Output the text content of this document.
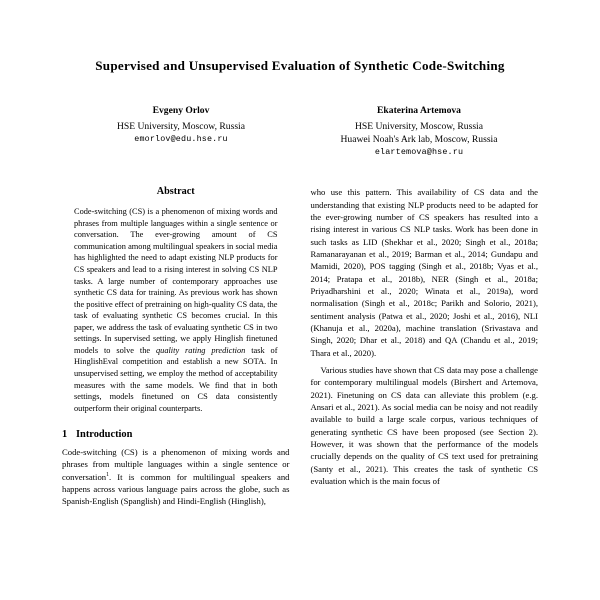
Supervised and Unsupervised Evaluation of Synthetic Code-Switching
Evgeny Orlov
HSE University, Moscow, Russia
emorlov@edu.hse.ru
Ekaterina Artemova
HSE University, Moscow, Russia
Huawei Noah's Ark lab, Moscow, Russia
elartemova@hse.ru
Abstract

Code-switching (CS) is a phenomenon of mixing words and phrases from multiple languages within a single sentence or conversation. The ever-growing amount of CS communication among multilingual speakers in social media has highlighted the need to adapt existing NLP products for CS speakers and lead to a rising interest in solving CS NLP tasks. A large number of contemporary approaches use synthetic CS data for training. As previous work has shown the positive effect of pretraining on high-quality CS data, the task of evaluating synthetic CS becomes crucial. In this paper, we address the task of evaluating synthetic CS in two settings. In supervised setting, we apply Hinglish finetuned models to solve the quality rating prediction task of HinglishEval competition and establish a new SOTA. In unsupervised setting, we employ the method of acceptability measures with the same models. We find that in both settings, models finetuned on CS data consistently outperform their original counterparts.

1 Introduction

Code-switching (CS) is a phenomenon of mixing words and phrases from multiple languages within a single sentence or conversation$^1$. It is common for multilingual speakers and happens across various language pairs across the globe, such as Spanish-English (Spanglish) and Hindi-English (Hinglish),

who use this pattern. This availability of CS data and the understanding that existing NLP products need to be adapted for the ever-growing number of CS speakers has resulted into a rising interest in various CS NLP tasks. Work has been done in such tasks as LID (Shekhar et al., 2020; Singh et al., 2018a; Ramanarayanan et al., 2019; Barman et al., 2014; Gundapu and Mamidi, 2020), POS tagging (Singh et al., 2018b; Vyas et al., 2014; Pratapa et al., 2018b), NER (Singh et al., 2018a; Priyadharshini et al., 2020; Winata et al., 2019a), word normalisation (Singh et al., 2018c; Parikh and Solorio, 2021), sentiment analysis (Patwa et al., 2020; Joshi et al., 2016), NLI (Khanuja et al., 2020a), machine translation (Srivastava and Singh, 2020; Dhar et al., 2018) and QA (Chandu et al., 2019; Thara et al., 2020).

Various studies have shown that CS data may pose a challenge for contemporary multilingual models (Birshert and Artemova, 2021). Finetuning on CS data can alleviate this problem (e.g. Ansari et al., 2021). As social media can be noisy and not readily available to build a large scale corpus, various techniques of generating synthetic CS have been proposed (see Section 2). However, it was shown that the performance of the models crucially depends on the quality of CS text used for pretraining (Santy et al., 2021). This creates the task of synthetic CS evaluation which is the main focus of
